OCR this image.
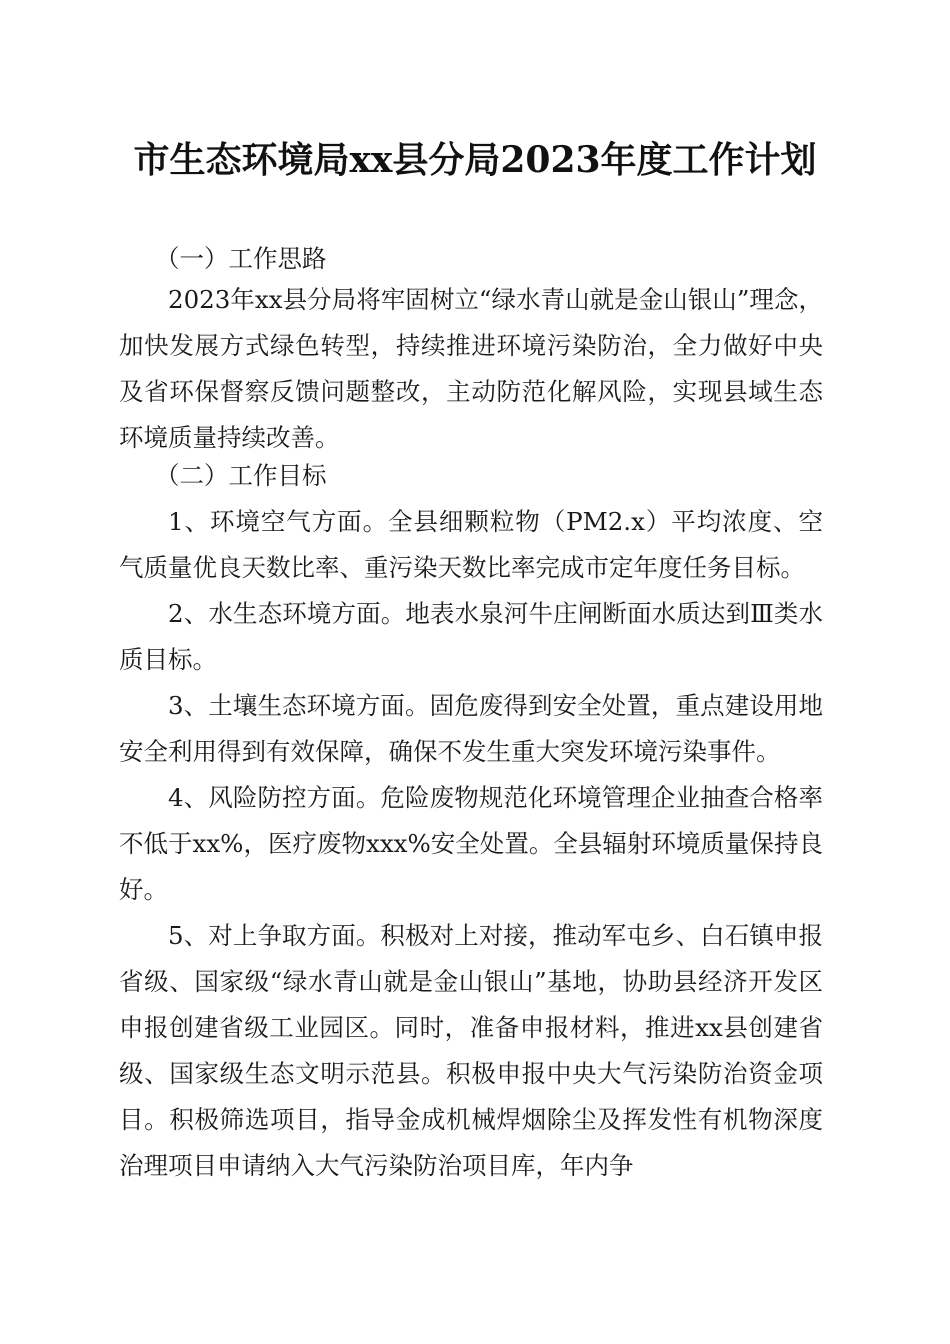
市生态环境局xx县分局2023年度工作计划
（一）工作思路

2023年xx县分局将牢固树立“绿水青山就是金山银山”理念，加快发展方式绿色转型，持续推进环境污染防治，全力做好中央及省环保督察反馈问题整改，主动防范化解风险，实现县域生态环境质量持续改善。

（二）工作目标

1、环境空气方面。全县细颗粒物（PM2.x）平均浓度、空气质量优良天数比率、重污染天数比率完成市定年度任务目标。

2、水生态环境方面。地表水泉河牛庄闸断面水质达到Ⅲ类水质目标。

3、土壤生态环境方面。固危废得到安全处置，重点建设用地安全利用得到有效保障，确保不发生重大突发环境污染事件。

4、风险防控方面。危险废物规范化环境管理企业抽查合格率不低于xx%，医疗废物xxx%安全处置。全县辐射环境质量保持良好。

5、对上争取方面。积极对上对接，推动军屯乡、白石镇申报省级、国家级“绿水青山就是金山银山”基地，协助县经济开发区申报创建省级工业园区。同时，准备申报材料，推进xx县创建省级、国家级生态文明示范县。积极申报中央大气污染防治资金项目。积极筛选项目，指导金成机械焊烟除尘及挥发性有机物深度治理项目申请纳入大气污染防治项目库，年内争
